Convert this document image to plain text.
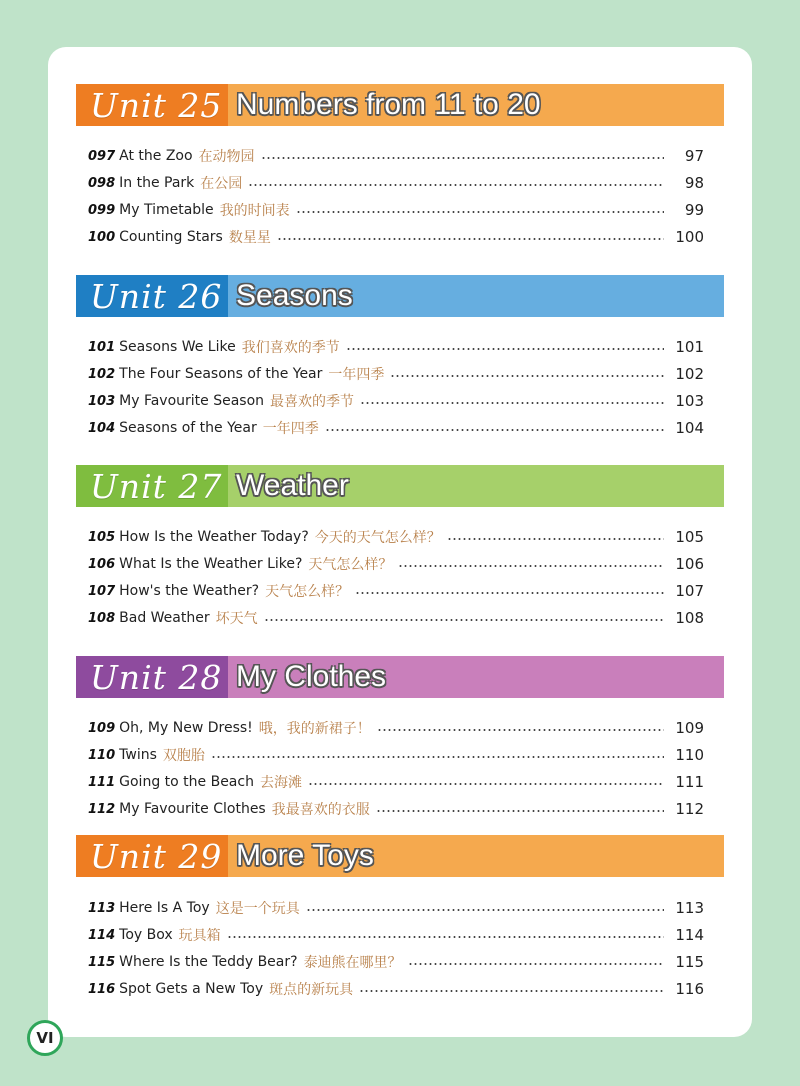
Unit 25 Numbers from 11 to 20
097 At the Zoo 在动物园	97
098 In the Park 在公园	98
099 My Timetable 我的时间表	99
100 Counting Stars 数星星	100
Unit 26 Seasons
101 Seasons We Like 我们喜欢的季节	101
102 The Four Seasons of the Year 一年四季	102
103 My Favourite Season 最喜欢的季节	103
104 Seasons of the Year 一年四季	104
Unit 27 Weather
105 How Is the Weather Today? 今天的天气怎么样？	105
106 What Is the Weather Like? 天气怎么样？	106
107 How's the Weather? 天气怎么样？	107
108 Bad Weather 坏天气	108
Unit 28 My Clothes
109 Oh, My New Dress! 哦，我的新裙子！	109
110 Twins 双胞胎	110
111 Going to the Beach 去海滩	111
112 My Favourite Clothes 我最喜欢的衣服	112
Unit 29 More Toys
113 Here Is A Toy 这是一个玩具	113
114 Toy Box 玩具箱	114
115 Where Is the Teddy Bear? 泰迪熊在哪里？	115
116 Spot Gets a New Toy 斑点的新玩具	116
VI
